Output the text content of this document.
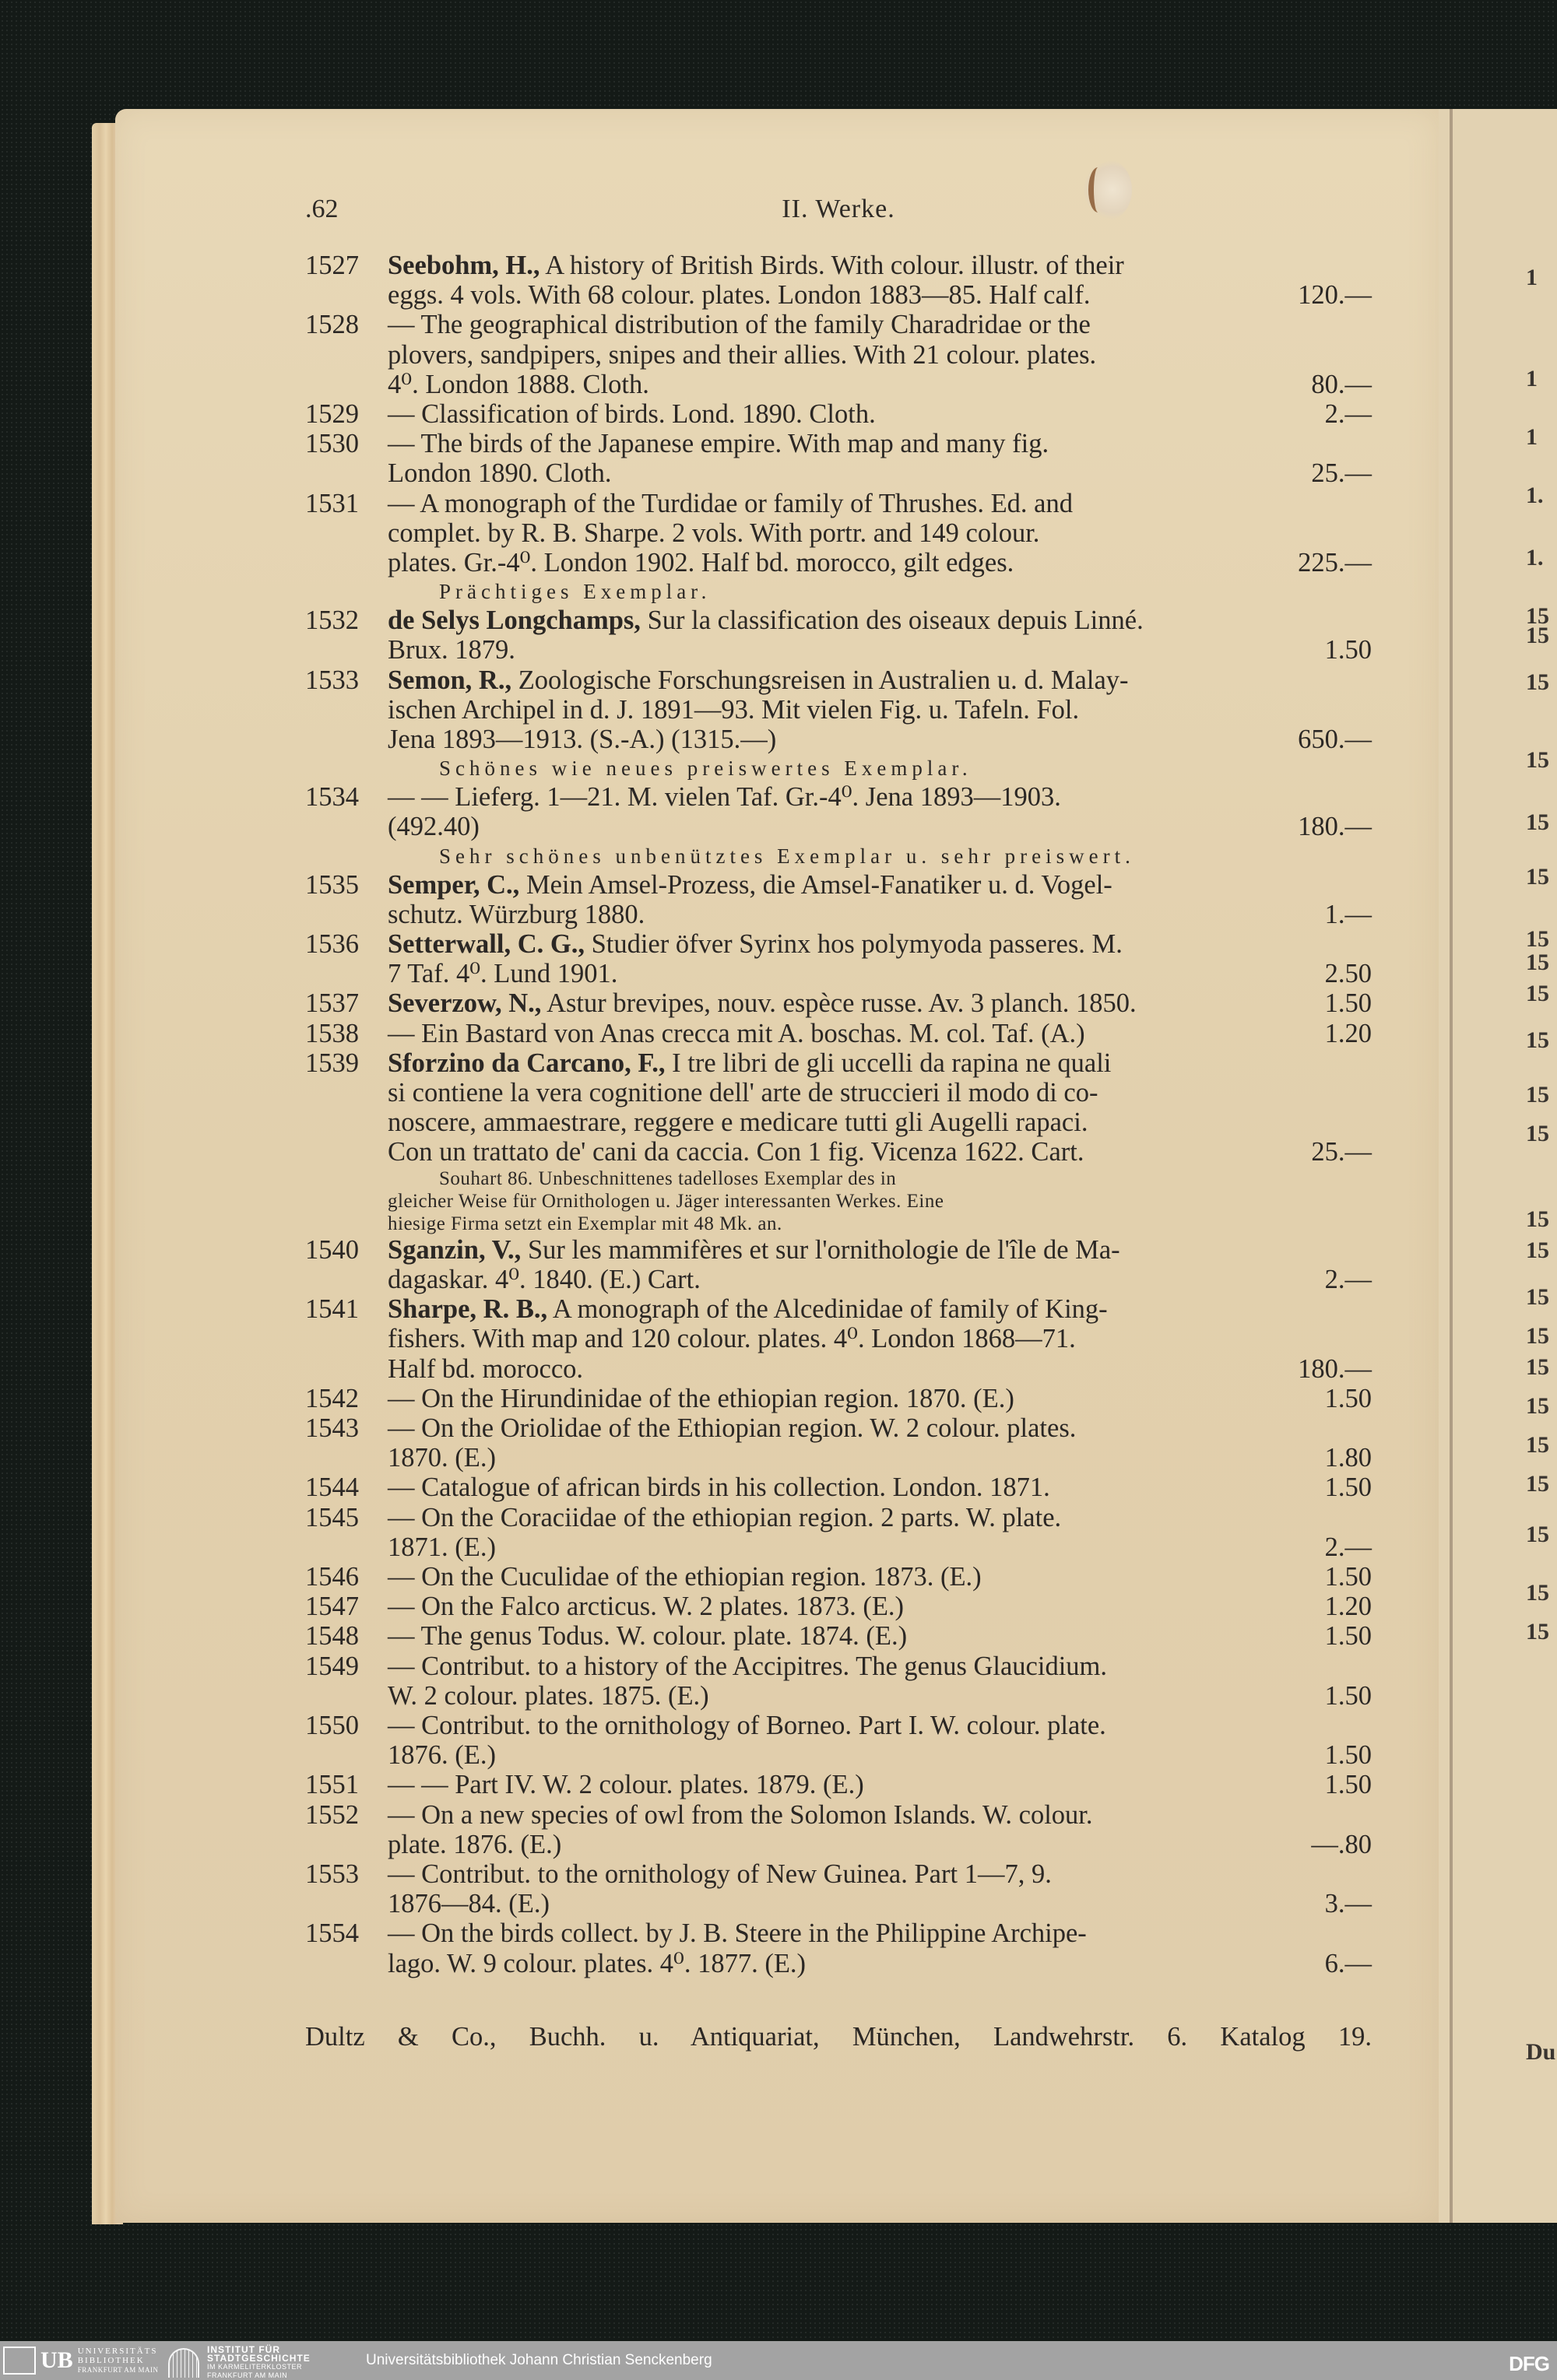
1
1
1
1.
1.
15
15
15
15
15
15
15
15
15
15
15
15
15
15
15
15
15
15
15
15
15
15
15
Du
.62	II. Werke.
1527 Seebohm, H., A history of British Birds. With colour. illustr. of their
eggs. 4 vols. With 68 colour. plates. London 1883—85. Half calf.	120.—
1528 — The geographical distribution of the family Charadridae or the
plovers, sandpipers, snipes and their allies. With 21 colour. plates.
4⁰. London 1888. Cloth.	80.—
1529 — Classification of birds. Lond. 1890. Cloth.	2.—
1530 — The birds of the Japanese empire. With map and many fig.
London 1890. Cloth.	25.—
1531 — A monograph of the Turdidae or family of Thrushes. Ed. and
complet. by R. B. Sharpe. 2 vols. With portr. and 149 colour.
plates. Gr.-4⁰. London 1902. Half bd. morocco, gilt edges.	225.—
Prächtiges Exemplar.
1532 de Selys Longchamps, Sur la classification des oiseaux depuis Linné.
Brux. 1879.	1.50
1533 Semon, R., Zoologische Forschungsreisen in Australien u. d. Malay-
ischen Archipel in d. J. 1891—93. Mit vielen Fig. u. Tafeln. Fol.
Jena 1893—1913. (S.-A.) (1315.—)	650.—
Schönes wie neues preiswertes Exemplar.
1534 — — Lieferg. 1—21. M. vielen Taf. Gr.-4⁰. Jena 1893—1903.
(492.40)	180.—
Sehr schönes unbenütztes Exemplar u. sehr preiswert.
1535 Semper, C., Mein Amsel-Prozess, die Amsel-Fanatiker u. d. Vogel-
schutz. Würzburg 1880.	1.—
1536 Setterwall, C. G., Studier öfver Syrinx hos polymyoda passeres. M.
7 Taf. 4⁰. Lund 1901.	2.50
1537 Severzow, N., Astur brevipes, nouv. espèce russe. Av. 3 planch. 1850.	1.50
1538 — Ein Bastard von Anas crecca mit A. boschas. M. col. Taf. (A.)	1.20
1539 Sforzino da Carcano, F., I tre libri de gli uccelli da rapina ne quali
si contiene la vera cognitione dell' arte de struccieri il modo di co-
noscere, ammaestrare, reggere e medicare tutti gli Augelli rapaci.
Con un trattato de' cani da caccia. Con 1 fig. Vicenza 1622. Cart.	25.—
Souhart 86. Unbeschnittenes tadelloses Exemplar des in
gleicher Weise für Ornithologen u. Jäger interessanten Werkes. Eine
hiesige Firma setzt ein Exemplar mit 48 Mk. an.
1540 Sganzin, V., Sur les mammifères et sur l'ornithologie de l'île de Ma-
dagaskar. 4⁰. 1840. (E.) Cart.	2.—
1541 Sharpe, R. B., A monograph of the Alcedinidae of family of King-
fishers. With map and 120 colour. plates. 4⁰. London 1868—71.
Half bd. morocco.	180.—
1542 — On the Hirundinidae of the ethiopian region. 1870. (E.)	1.50
1543 — On the Oriolidae of the Ethiopian region. W. 2 colour. plates.
1870. (E.)	1.80
1544 — Catalogue of african birds in his collection. London. 1871.	1.50
1545 — On the Coraciidae of the ethiopian region. 2 parts. W. plate.
1871. (E.)	2.—
1546 — On the Cuculidae of the ethiopian region. 1873. (E.)	1.50
1547 — On the Falco arcticus. W. 2 plates. 1873. (E.)	1.20
1548 — The genus Todus. W. colour. plate. 1874. (E.)	1.50
1549 — Contribut. to a history of the Accipitres. The genus Glaucidium.
W. 2 colour. plates. 1875. (E.)	1.50
1550 — Contribut. to the ornithology of Borneo. Part I. W. colour. plate.
1876. (E.)	1.50
1551 — — Part IV. W. 2 colour. plates. 1879. (E.)	1.50
1552 — On a new species of owl from the Solomon Islands. W. colour.
plate. 1876. (E.)	—.80
1553 — Contribut. to the ornithology of New Guinea. Part 1—7, 9.
1876—84. (E.)	3.—
1554 — On the birds collect. by J. B. Steere in the Philippine Archipe-
lago. W. 9 colour. plates. 4⁰. 1877. (E.)	6.—
Dultz & Co., Buchh. u. Antiquariat, München, Landwehrstr. 6. Katalog 19.
UB UNIVERSITÄTS
BIBLIOTHEK
FRANKFURT AM MAIN
INSTITUT FÜR
STADTGESCHICHTE
IM KARMELITERKLOSTER
FRANKFURT AM MAIN
Universitätsbibliothek Johann Christian Senckenberg	DFG
